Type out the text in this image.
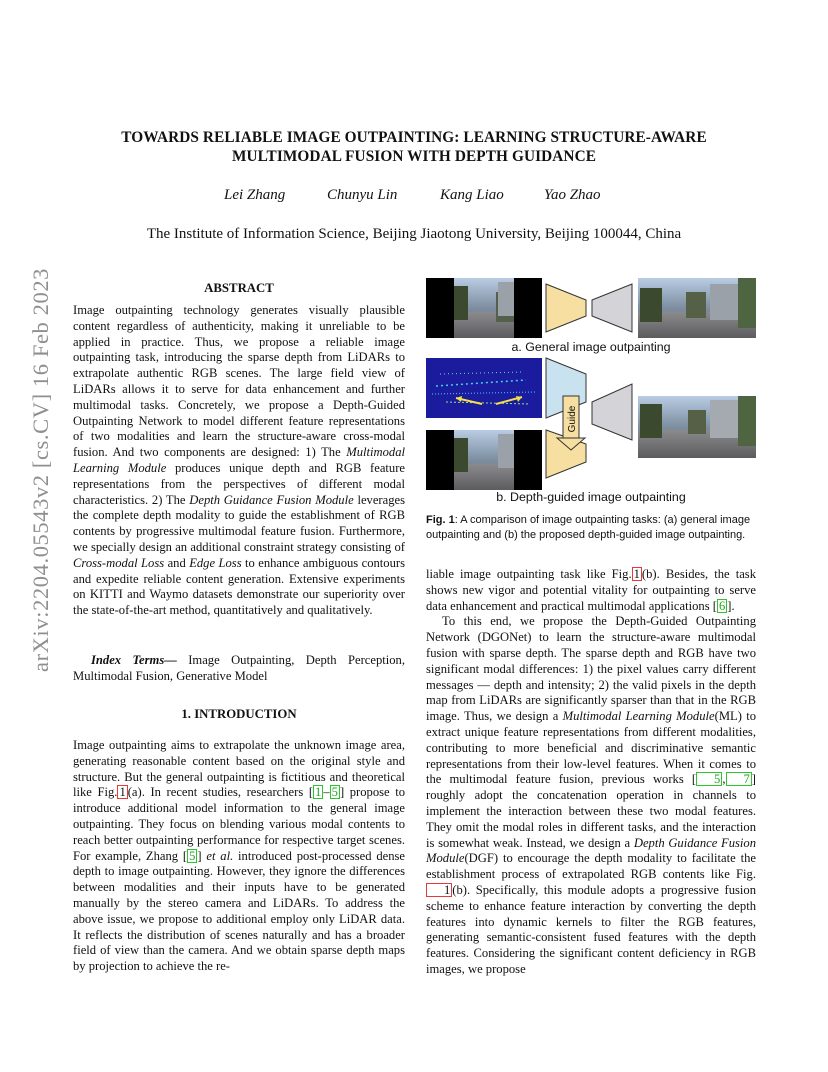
TOWARDS RELIABLE IMAGE OUTPAINTING: LEARNING STRUCTURE-AWARE
MULTIMODAL FUSION WITH DEPTH GUIDANCE
Lei Zhang	Chunyu Lin	Kang Liao	Yao Zhao
The Institute of Information Science, Beijing Jiaotong University, Beijing 100044, China
arXiv:2204.05543v2 [cs.CV] 16 Feb 2023	ABSTRACT
Image outpainting technology generates visually plausible content regardless of authenticity, making it unreliable to be applied in practice. Thus, we propose a reliable image outpainting task, introducing the sparse depth from LiDARs to extrapolate authentic RGB scenes. The large field view of LiDARs allows it to serve for data enhancement and further multimodal tasks. Concretely, we propose a Depth-Guided Outpainting Network to model different feature representations of two modalities and learn the structure-aware cross-modal fusion. And two components are designed: 1) The Multimodal Learning Module produces unique depth and RGB feature representations from the perspectives of different modal characteristics. 2) The Depth Guidance Fusion Module leverages the complete depth modality to guide the establishment of RGB contents by progressive multimodal feature fusion. Furthermore, we specially design an additional constraint strategy consisting of Cross-modal Loss and Edge Loss to enhance ambiguous contours and expedite reliable content generation. Extensive experiments on KITTI and Waymo datasets demonstrate our superiority over the state-of-the-art method, quantitatively and qualitatively.
Index Terms— Image Outpainting, Depth Perception, Multimodal Fusion, Generative Model
1. INTRODUCTION
Image outpainting aims to extrapolate the unknown image area, generating reasonable content based on the original style and structure. But the general outpainting is fictitious and theoretical like Fig. 1 (a). In recent studies, researchers [ 1 – 5 ] propose to introduce additional model information to the general image outpainting. They focus on blending various modal contents to reach better outpainting performance for respective target scenes. For example, Zhang [ 5 ] et al. introduced post-processed dense depth to image outpainting. However, they ignore the differences between modalities and their inputs have to be generated manually by the stereo camera and LiDARs. To address the above issue, we propose to additional employ only LiDAR data. It reflects the distribution of scenes naturally and has a broader field of view than the camera. And we obtain sparse depth maps by projection to achieve the re-
Guide
a. General image outpainting
b. Depth-guided image outpainting
Fig. 1: A comparison of image outpainting tasks: (a) general image outpainting and (b) the proposed depth-guided image outpainting.
liable image outpainting task like Fig. 1 (b). Besides, the task shows new vigor and potential vitality for outpainting to serve data enhancement and practical multimodal applications [ 6 ].
To this end, we propose the Depth-Guided Outpainting Network (DGONet) to learn the structure-aware multimodal fusion with sparse depth. The sparse depth and RGB have two significant modal differences: 1) the pixel values carry different messages — depth and intensity; 2) the valid pixels in the depth map from LiDARs are significantly sparser than that in the RGB image. Thus, we design a Multimodal Learning Module(ML) to extract unique feature representations from different modalities, contributing to more beneficial and discriminative semantic representations from their low-level features. When it comes to the multimodal feature fusion, previous works [ 5 , 7 ] roughly adopt the concatenation operation in channels to implement the interaction between these two modal features. They omit the modal roles in different tasks, and the interaction is somewhat weak. Instead, we design a Depth Guidance Fusion Module(DGF) to encourage the depth modality to facilitate the establishment process of extrapolated RGB contents like Fig.1 (b). Specifically, this module adopts a progressive fusion scheme to enhance feature interaction by converting the depth features into dynamic kernels to filter the RGB features, generating semantic-consistent fused features with the depth features. Considering the significant content deficiency in RGB images, we propose
